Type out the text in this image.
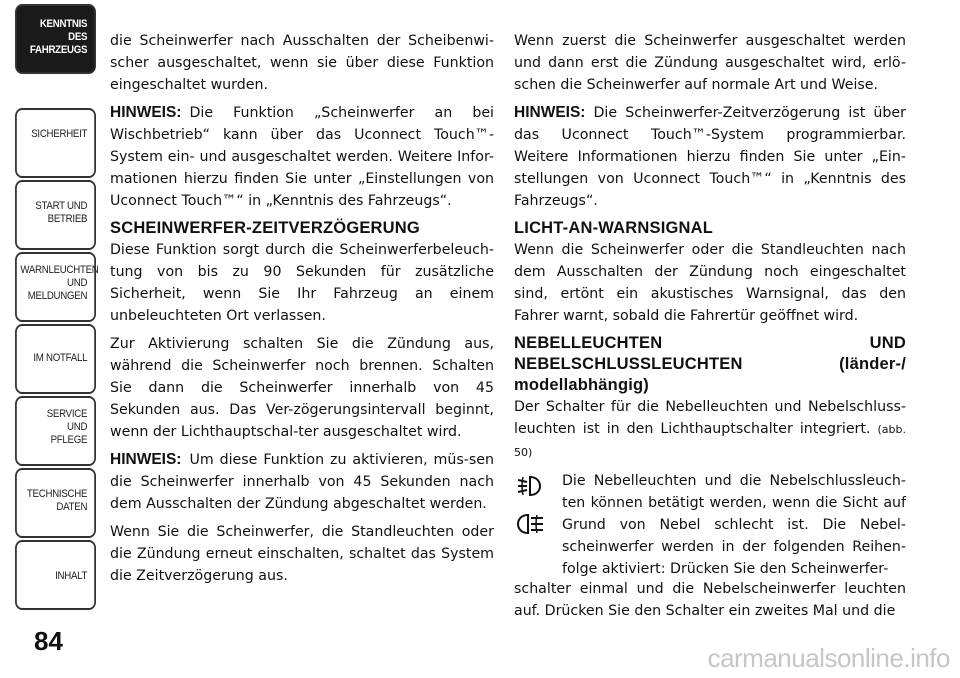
KENNTNIS
DES
FAHRZEUGS
SICHERHEIT
START UND
BETRIEB
WARNLEUCHTEN
UND
MELDUNGEN
IM NOTFALL
SERVICE
UND
PFLEGE
TECHNISCHE
DATEN
INHALT
84

die Scheinwerfer nach Ausschalten der Scheibenwi-scher ausgeschaltet, wenn sie über diese Funktion eingeschaltet wurden.

HINWEIS: Die Funktion „Scheinwerfer an bei Wischbetrieb“ kann über das Uconnect Touch™-System ein- und ausgeschaltet werden. Weitere Infor-mationen hierzu finden Sie unter „Einstellungen von Uconnect Touch™“ in „Kenntnis des Fahrzeugs“.

SCHEINWERFER-ZEITVERZÖGERUNG

Diese Funktion sorgt durch die Scheinwerferbeleuch-tung von bis zu 90 Sekunden für zusätzliche Sicherheit, wenn Sie Ihr Fahrzeug an einem unbeleuchteten Ort verlassen.

Zur Aktivierung schalten Sie die Zündung aus, während die Scheinwerfer noch brennen. Schalten Sie dann die Scheinwerfer innerhalb von 45 Sekunden aus. Das Ver-zögerungsintervall beginnt, wenn der Lichthauptschal-ter ausgeschaltet wird.

HINWEIS: Um diese Funktion zu aktivieren, müs-sen die Scheinwerfer innerhalb von 45 Sekunden nach dem Ausschalten der Zündung abgeschaltet werden.

Wenn Sie die Scheinwerfer, die Standleuchten oder die Zündung erneut einschalten, schaltet das System die Zeitverzögerung aus.

Wenn zuerst die Scheinwerfer ausgeschaltet werden und dann erst die Zündung ausgeschaltet wird, erlö-schen die Scheinwerfer auf normale Art und Weise.

HINWEIS: Die Scheinwerfer-Zeitverzögerung ist über das Uconnect Touch™-System programmierbar. Weitere Informationen hierzu finden Sie unter „Ein-stellungen von Uconnect Touch™“ in „Kenntnis des Fahrzeugs“.

LICHT-AN-WARNSIGNAL

Wenn die Scheinwerfer oder die Standleuchten nach dem Ausschalten der Zündung noch eingeschaltet sind, ertönt ein akustisches Warnsignal, das den Fahrer warnt, sobald die Fahrertür geöffnet wird.

NEBELLEUCHTEN UND NEBELSCHLUSSLEUCHTEN (länder-/ modellabhängig)

Der Schalter für die Nebelleuchten und Nebelschluss-leuchten ist in den Lichthauptschalter integriert. (abb. 50)

Die Nebelleuchten und die Nebelschlussleuch-ten können betätigt werden, wenn die Sicht auf Grund von Nebel schlecht ist. Die Nebel-scheinwerfer werden in der folgenden Reihen-folge aktiviert: Drücken Sie den Scheinwerfer-

schalter einmal und die Nebelscheinwerfer leuchten auf. Drücken Sie den Schalter ein zweites Mal und die

carmanualsonline.info
